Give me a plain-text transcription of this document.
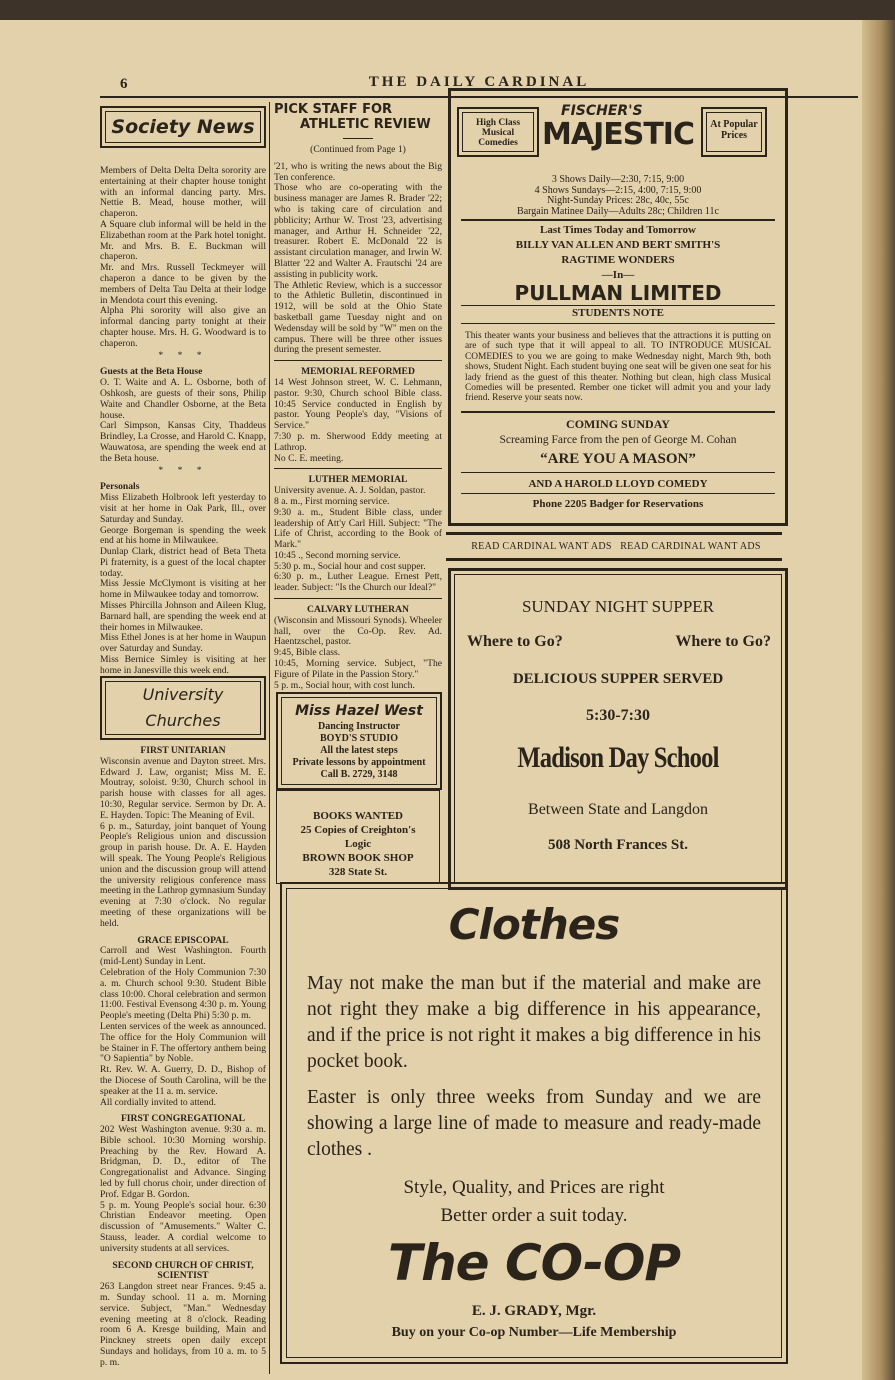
6	THE DAILY CARDINAL
Society News

Members of Delta Delta Delta sorority are entertaining at their chapter house tonight with an informal dancing party. Mrs. Nettie B. Mead, house mother, will chaperon.

A Square club informal will be held in the Elizabethan room at the Park hotel tonight. Mr. and Mrs. B. E. Buckman will chaperon.

Mr. and Mrs. Russell Teckmeyer will chaperon a dance to be given by the members of Delta Tau Delta at their lodge in Mendota court this evening.

Alpha Phi sorority will also give an informal dancing party tonight at their chapter house. Mrs. H. G. Woodward is to chaperon.

* * *

Guests at the Beta House

O. T. Waite and A. L. Osborne, both of Oshkosh, are guests of their sons, Philip Waite and Chandler Osborne, at the Beta house.

Carl Simpson, Kansas City, Thaddeus Brindley, La Crosse, and Harold C. Knapp, Wauwatosa, are spending the week end at the Beta house.

* * *

Personals

Miss Elizabeth Holbrook left yesterday to visit at her home in Oak Park, Ill., over Saturday and Sunday.

George Borgeman is spending the week end at his home in Milwaukee.

Dunlap Clark, district head of Beta Theta Pi fraternity, is a guest of the local chapter today.

Miss Jessie McClymont is visiting at her home in Milwaukee today and tomorrow.

Misses Phircilla Johnson and Aileen Klug, Barnard hall, are spending the week end at their homes in Milwaukee.

Miss Ethel Jones is at her home in Waupun over Saturday and Sunday.

Miss Bernice Simley is visiting at her home in Janesville this week end.

University Churches

FIRST UNITARIAN

Wisconsin avenue and Dayton street. Mrs. Edward J. Law, organist; Miss M. E. Moutray, soloist. 9:30, Church school in parish house with classes for all ages. 10:30, Regular service. Sermon by Dr. A. E. Hayden. Topic: The Meaning of Evil.

6 p. m., Saturday, joint banquet of Young People's Religious union and discussion group in parish house. Dr. A. E. Hayden will speak. The Young People's Religious union and the discussion group will attend the university religious conference mass meeting in the Lathrop gymnasium Sunday evening at 7:30 o'clock. No regular meeting of these organizations will be held.

GRACE EPISCOPAL

Carroll and West Washington. Fourth (mid-Lent) Sunday in Lent.

Celebration of the Holy Communion 7:30 a. m. Church school 9:30. Student Bible class 10:00. Choral celebration and sermon 11:00. Festival Evensong 4:30 p. m. Young People's meeting (Delta Phi) 5:30 p. m.

Lenten services of the week as announced. The office for the Holy Communion will be Stainer in F. The offertory anthem being "O Sapientia" by Noble.

Rt. Rev. W. A. Guerry, D. D., Bishop of the Diocese of South Carolina, will be the speaker at the 11 a. m. service.

All cordially invited to attend.

FIRST CONGREGATIONAL

202 West Washington avenue. 9:30 a. m. Bible school. 10:30 Morning worship. Preaching by the Rev. Howard A. Bridgman, D. D., editor of The Congregationalist and Advance. Singing led by full chorus choir, under direction of Prof. Edgar B. Gordon.

5 p. m. Young People's social hour. 6:30 Christian Endeavor meeting. Open discussion of "Amusements." Walter C. Stauss, leader. A cordial welcome to university students at all services.

SECOND CHURCH OF CHRIST, SCIENTIST

263 Langdon street near Frances. 9:45 a. m. Sunday school. 11 a. m. Morning service. Subject, "Man." Wednesday evening meeting at 8 o'clock. Reading room 6 A. Kresge building, Main and Pinckney streets open daily except Sundays and holidays, from 10 a. m. to 5 p. m.

PICK STAFF FOR
ATHLETIC REVIEW

(Continued from Page 1)

'21, who is writing the news about the Big Ten conference.

Those who are co-operating with the business manager are James R. Brader '22; who is taking care of circulation and pbblicity; Arthur W. Trost '23, advertising manager, and Arthur H. Schneider '22, treasurer. Robert E. McDonald '22 is assistant circulation manager, and Irwin W. Blatter '22 and Walter A. Frautschi '24 are assisting in publicity work.

The Athletic Review, which is a successor to the Athletic Bulletin, discontinued in 1912, will be sold at the Ohio State basketball game Tuesday night and on Wedensday will be sold by "W" men on the campus. There will be three other issues during the present semester.

MEMORIAL REFORMED

14 West Johnson street, W. C. Lehmann, pastor. 9:30, Church school Bible class. 10:45 Service conducted in English by pastor. Young People's day, "Visions of Service."

7:30 p. m. Sherwood Eddy meeting at Lathrop.

No C. E. meeting.

LUTHER MEMORIAL

University avenue. A. J. Soldan, pastor.

8 a. m., First morning service.

9:30 a. m., Student Bible class, under leadership of Att'y Carl Hill. Subject: "The Life of Christ, according to the Book of Mark."

10:45 ., Second morning service.

5:30 p. m., Social hour and cost supper.

6:30 p. m., Luther League. Ernest Pett, leader. Subject: "Is the Church our Ideal?"

CALVARY LUTHERAN

(Wisconsin and Missouri Synods). Wheeler hall, over the Co-Op. Rev. Ad. Haentzschel, pastor.

9:45, Bible class.

10:45, Morning service. Subject, "The Figure of Pilate in the Passion Story."

5 p. m., Social hour, with cost lunch.

Miss Hazel West
Dancing Instructor
BOYD'S STUDIO
All the latest steps
Private lessons by appointment
Call B. 2729, 3148
BOOKS WANTED
25 Copies of Creighton's
Logic
BROWN BOOK SHOP
328 State St.
High Class Musical Comedies
FISCHER'S
MAJESTIC	At Popular Prices
3 Shows Daily—2:30, 7:15, 9:00
4 Shows Sundays—2:15, 4:00, 7:15, 9:00
Night-Sunday Prices: 28c, 40c, 55c
Bargain Matinee Daily—Adults 28c; Children 11c
Last Times Today and Tomorrow
BILLY VAN ALLEN AND BERT SMITH'S
RAGTIME WONDERS
—In—
PULLMAN LIMITED
STUDENTS NOTE
This theater wants your business and believes that the attractions it is putting on are of such type that it will appeal to all. TO INTRODUCE MUSICAL COMEDIES to you we are going to make Wednesday night, March 9th, both shows, Student Night. Each student buying one seat will be given one seat for his lady friend as the guest of this theater. Nothing but clean, high class Musical Comedies will be presented. Rember one ticket will admit you and your lady friend. Reserve your seats now.
COMING SUNDAY
Screaming Farce from the pen of George M. Cohan
“ARE YOU A MASON”
AND A HAROLD LLOYD COMEDY
Phone 2205 Badger for Reservations
READ CARDINAL WANT ADS   READ CARDINAL WANT ADS
SUNDAY NIGHT SUPPER
Where to Go?	Where to Go?
DELICIOUS SUPPER SERVED
5:30-7:30
Madison Day School
Between State and Langdon
508 North Frances St.
Clothes
May not make the man but if the material and make are not right they make a big difference in his appearance, and if the price is not right it makes a big difference in his pocket book.
Easter is only three weeks from Sunday and we are showing a large line of made to measure and ready-made clothes .
Style, Quality, and Prices are right
Better order a suit today.
The CO-OP
E. J. GRADY, Mgr.
Buy on your Co-op Number—Life Membership
